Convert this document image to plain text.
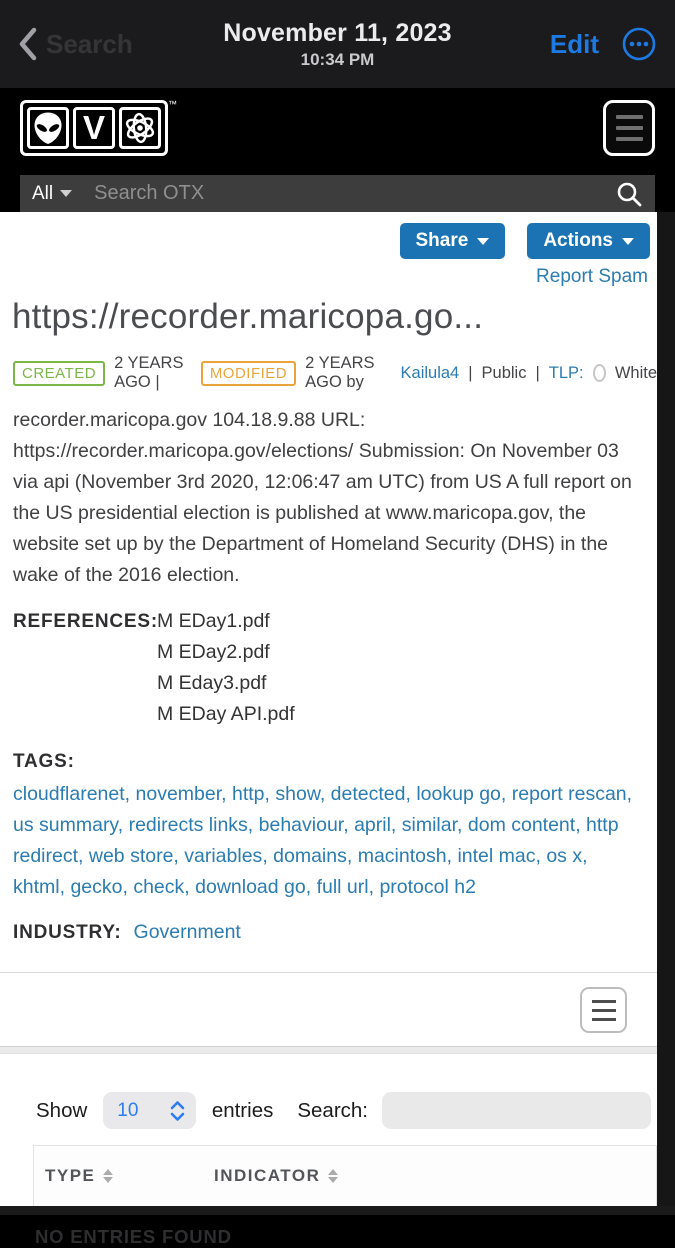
Search	November 11, 2023
10:34 PM
Edit
V
™
All
Search OTX
Share	Actions
Report Spam
https://recorder.maricopa.go...
CREATED
2 YEARS AGO |	MODIFIED
2 YEARS AGO by
Kailula4 | Public | TLP: White

recorder.maricopa.gov 104.18.9.88 URL: https://recorder.maricopa.gov/elections/ Submission: On November 03 via api (November 3rd 2020, 12:06:47 am UTC) from US A full report on the US presidential election is published at www.maricopa.gov, the website set up by the Department of Homeland Security (DHS) in the wake of the 2016 election.

REFERENCES: M EDay1.pdf
M EDay2.pdf
M Eday3.pdf
M EDay API.pdf
TAGS:

cloudflarenet, november, http, show, detected, lookup go, report rescan, us summary, redirects links, behaviour, april, similar, dom content, http redirect, web store, variables, domains, macintosh, intel mac, os x, khtml, gecko, check, download go, full url, protocol h2

INDUSTRY: Government
Show 10	entries Search:
TYPE	INDICATOR
NO ENTRIES FOUND
